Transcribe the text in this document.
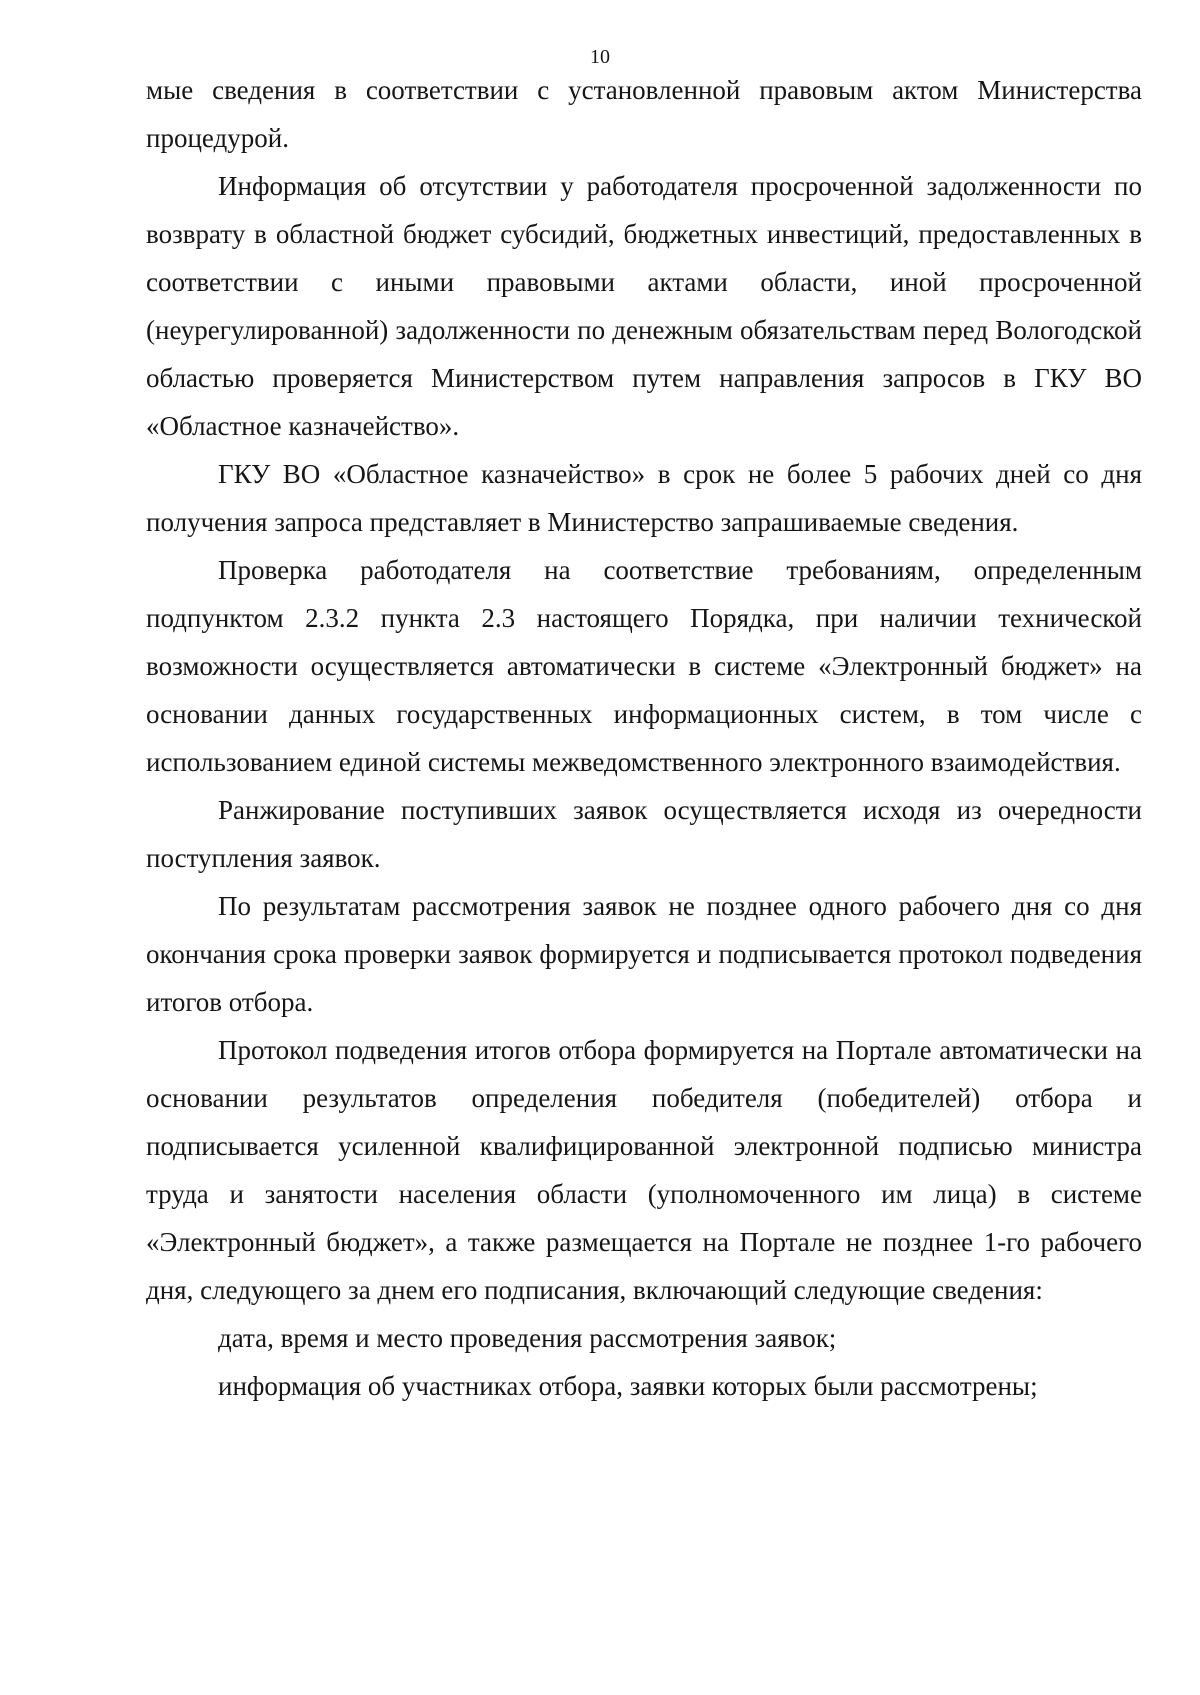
10

мые сведения в соответствии с установленной правовым актом Министерства процедурой.

Информация об отсутствии у работодателя просроченной задолженности по возврату в областной бюджет субсидий, бюджетных инвестиций, предоставленных в соответствии с иными правовыми актами области, иной просроченной (неурегулированной) задолженности по денежным обязательствам перед Вологодской областью проверяется Министерством путем направления запросов в ГКУ ВО «Областное казначейство».

ГКУ ВО «Областное казначейство» в срок не более 5 рабочих дней со дня получения запроса представляет в Министерство запрашиваемые сведения.

Проверка работодателя на соответствие требованиям, определенным подпунктом 2.3.2 пункта 2.3 настоящего Порядка, при наличии технической возможности осуществляется автоматически в системе «Электронный бюджет» на основании данных государственных информационных систем, в том числе с использованием единой системы межведомственного электронного взаимодействия.

Ранжирование поступивших заявок осуществляется исходя из очередности поступления заявок.

По результатам рассмотрения заявок не позднее одного рабочего дня со дня окончания срока проверки заявок формируется и подписывается протокол подведения итогов отбора.

Протокол подведения итогов отбора формируется на Портале автоматически на основании результатов определения победителя (победителей) отбора и подписывается усиленной квалифицированной электронной подписью министра труда и занятости населения области (уполномоченного им лица) в системе «Электронный бюджет», а также размещается на Портале не позднее 1-го рабочего дня, следующего за днем его подписания, включающий следующие сведения:

дата, время и место проведения рассмотрения заявок;

информация об участниках отбора, заявки которых были рассмотрены;
